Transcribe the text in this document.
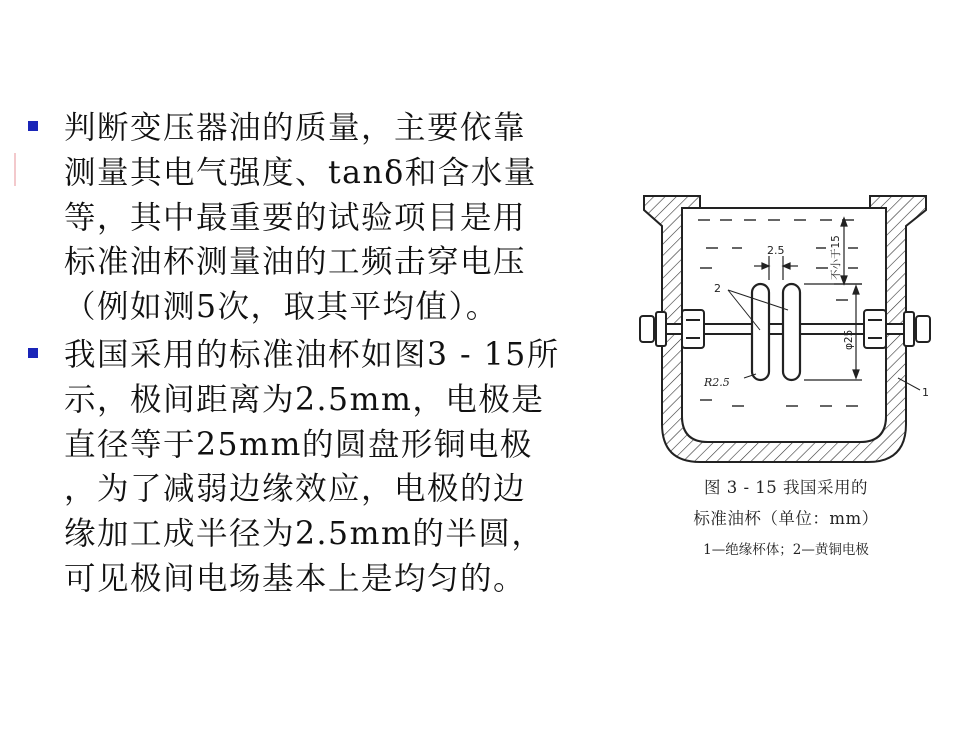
判断变压器油的质量，主要依靠
测量其电气强度、tanδ和含水量
等，其中最重要的试验项目是用
标准油杯测量油的工频击穿电压
（例如测5次，取其平均值）。
我国采用的标准油杯如图3 - 15所
示，极间距离为2.5mm，电极是
直径等于25mm的圆盘形铜电极
，为了减弱边缘效应，电极的边
缘加工成半径为2.5mm的半圆，
可见极间电场基本上是均匀的。
2.5	不小于15
φ25
R2.5
2
1
图 3 - 15 我国采用的
标准油杯（单位：mm）
1—绝缘杯体；2—黄铜电极
